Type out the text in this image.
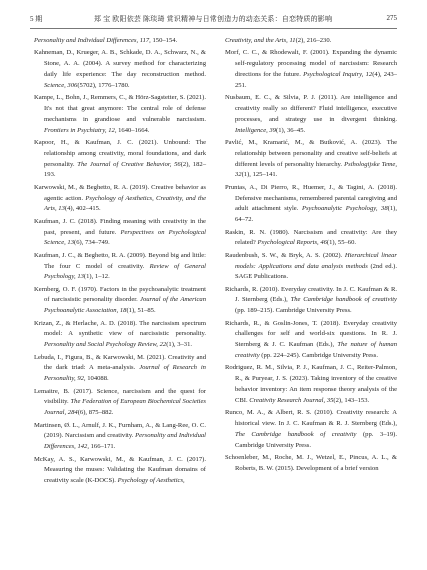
5 期	郑 宝 欧阳依芸 陈琰琦 赏识精神与日常创造力的动态关系：自恋特质的影响	275

Personality and Individual Differences, 117, 150–154.

Kahneman, D., Krueger, A. B., Schkade, D. A., Schwarz, N., & Stone, A. A. (2004). A survey method for characterizing daily life experience: The day reconstruction method. Science, 306(5702), 1776–1780.

Kampe, L., Bohn, J., Remmers, C., & Hörz-Sagstetter, S. (2021). It's not that great anymore: The central role of defense mechanisms in grandiose and vulnerable narcissism. Frontiers in Psychiatry, 12, 1640–1664.

Kapoor, H., & Kaufman, J. C. (2021). Unbound: The relationship among creativity, moral foundations, and dark personality. The Journal of Creative Behavior, 56(2), 182–193.

Karwowski, M., & Beghetto, R. A. (2019). Creative behavior as agentic action. Psychology of Aesthetics, Creativity, and the Arts, 13(4), 402–415.

Kaufman, J. C. (2018). Finding meaning with creativity in the past, present, and future. Perspectives on Psychological Science, 13(6), 734–749.

Kaufman, J. C., & Beghetto, R. A. (2009). Beyond big and little: The four C model of creativity. Review of General Psychology, 13(1), 1–12.

Kernberg, O. F. (1970). Factors in the psychoanalytic treatment of narcissistic personality disorder. Journal of the American Psychoanalytic Association, 18(1), 51–85.

Krizan, Z., & Herlache, A. D. (2018). The narcissism spectrum model: A synthetic view of narcissistic personality. Personality and Social Psychology Review, 22(1), 3–31.

Lebuda, I., Figura, B., & Karwowski, M. (2021). Creativity and the dark triad: A meta-analysis. Journal of Research in Personality, 92, 104088.

Lemaitre, B. (2017). Science, narcissism and the quest for visibility. The Federation of European Biochemical Societies Journal, 284(6), 875–882.

Martinsen, Ø. L., Arnulf, J. K., Furnham, A., & Lang-Ree, O. C. (2019). Narcissism and creativity. Personality and Individual Differences, 142, 166–171.

McKay, A. S., Karwowski, M., & Kaufman, J. C. (2017). Measuring the muses: Validating the Kaufman domains of creativity scale (K-DOCS). Psychology of Aesthetics,

Creativity, and the Arts, 11(2), 216–230.

Morf, C. C., & Rhodewalt, F. (2001). Expanding the dynamic self-regulatory processing model of narcissism: Research directions for the future. Psychological Inquiry, 12(4), 243–251.

Nusbaum, E. C., & Silvia, P. J. (2011). Are intelligence and creativity really so different? Fluid intelligence, executive processes, and strategy use in divergent thinking. Intelligence, 39(1), 36–45.

Pavlić, M., Kramarić, M., & Butković, A. (2023). The relationship between personality and creative self-beliefs at different levels of personality hierarchy. Psihologijske Teme, 32(1), 125–141.

Pruntas, A., Di Pierro, R., Huemer, J., & Tagini, A. (2018). Defensive mechanisms, remembered parental caregiving and adult attachment style. Psychoanalytic Psychology, 38(1), 64–72.

Raskin, R. N. (1980). Narcissism and creativity: Are they related? Psychological Reports, 46(1), 55–60.

Raudenbush, S. W., & Bryk, A. S. (2002). Hierarchical linear models: Applications and data analysis methods (2nd ed.). SAGE Publications.

Richards, R. (2010). Everyday creativity. In J. C. Kaufman & R. J. Sternberg (Eds.), The Cambridge handbook of creativity (pp. 189–215). Cambridge University Press.

Richards, R., & Goslin-Jones, T. (2018). Everyday creativity challenges for self and world-six questions. In R. J. Sternberg & J. C. Kaufman (Eds.), The nature of human creativity (pp. 224–245). Cambridge University Press.

Rodriguez, R. M., Silvia, P. J., Kaufman, J. C., Reiter-Palmon, R., & Puryear, J. S. (2023). Taking inventory of the creative behavior inventory: An item response theory analysis of the CBI. Creativity Research Journal, 35(2), 143–153.

Runco, M. A., & Albert, R. S. (2010). Creativity research: A historical view. In J. C. Kaufman & R. J. Sternberg (Eds.), The Cambridge handbook of creativity (pp. 3–19). Cambridge University Press.

Schoenleber, M., Roche, M. J., Wetzel, E., Pincus, A. L., & Roberts, B. W. (2015). Development of a brief version
